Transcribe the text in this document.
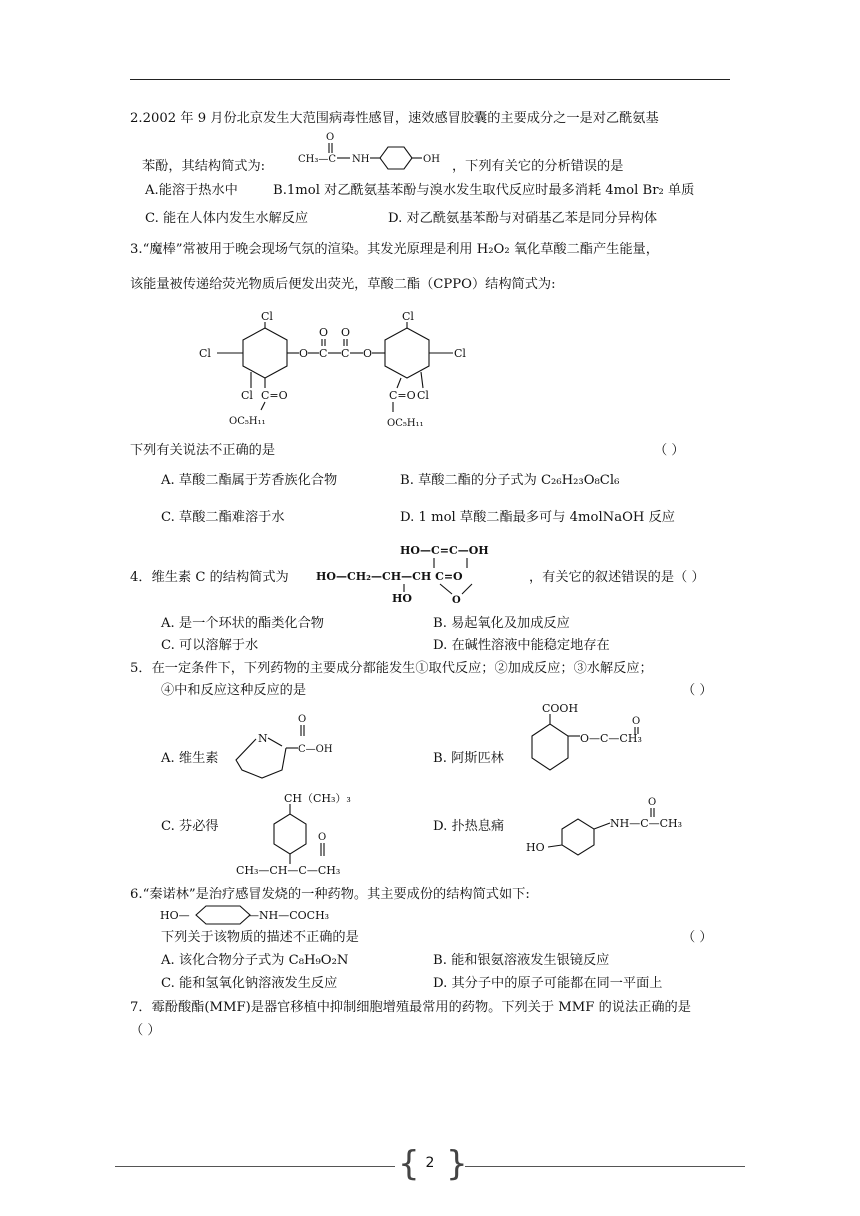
2.2002 年 9 月份北京发生大范围病毒性感冒，速效感冒胶囊的主要成分之一是对乙酰氨基
苯酚，其结构简式为:	CH₃—C
O
NH	OH ，下列有关它的分析错误的是
A.能溶于热水中	B.1mol 对乙酰氨基苯酚与溴水发生取代反应时最多消耗 4mol Br₂ 单质
C. 能在人体内发生水解反应	D. 对乙酰氨基苯酚与对硝基乙苯是同分异构体
3.“魔棒”常被用于晚会现场气氛的渲染。其发光原理是利用 H₂O₂ 氧化草酸二酯产生能量，
该能量被传递给荧光物质后便发出荧光，草酸二酯（CPPO）结构简式为:
Cl
Cl
Cl
O C
O
C
O
O
C=O
OC₅H₁₁
Cl
Cl
Cl
C=O
OC₅H₁₁
下列有关说法不正确的是	（ ）
A. 草酸二酯属于芳香族化合物	B. 草酸二酯的分子式为 C₂₆H₂₃O₈Cl₆
C. 草酸二酯难溶于水	D. 1 mol 草酸二酯最多可与 4molNaOH 反应
4．维生素 C 的结构简式为
HO—C=C—OH
HO—CH₂—CH—CH C=O
HO	O
，有关它的叙述错误的是（ ）
A. 是一个环状的酯类化合物	B. 易起氧化及加成反应
C. 可以溶解于水	D. 在碱性溶液中能稳定地存在
5．在一定条件下，下列药物的主要成分都能发生①取代反应；②加成反应；③水解反应；
④中和反应这种反应的是	（ ）
A. 维生素
N
O
C—OH
B. 阿斯匹林
COOH
O
O—C—CH₃
C. 芬必得
CH（CH₃）₃
O
CH₃—CH—C—CH₃
D. 扑热息痛
O
NH—C—CH₃
HO
6.“秦诺林”是治疗感冒发烧的一种药物。其主要成份的结构简式如下:
HO—	—NH—COCH₃
下列关于该物质的描述不正确的是	（ ）
A. 该化合物分子式为 C₈H₉O₂N	B. 能和银氨溶液发生银镜反应
C. 能和氢氧化钠溶液发生反应	D. 其分子中的原子可能都在同一平面上
7．霉酚酸酯(MMF)是器官移植中抑制细胞增殖最常用的药物。下列关于 MMF 的说法正确的是
（ ）
{ }
2
